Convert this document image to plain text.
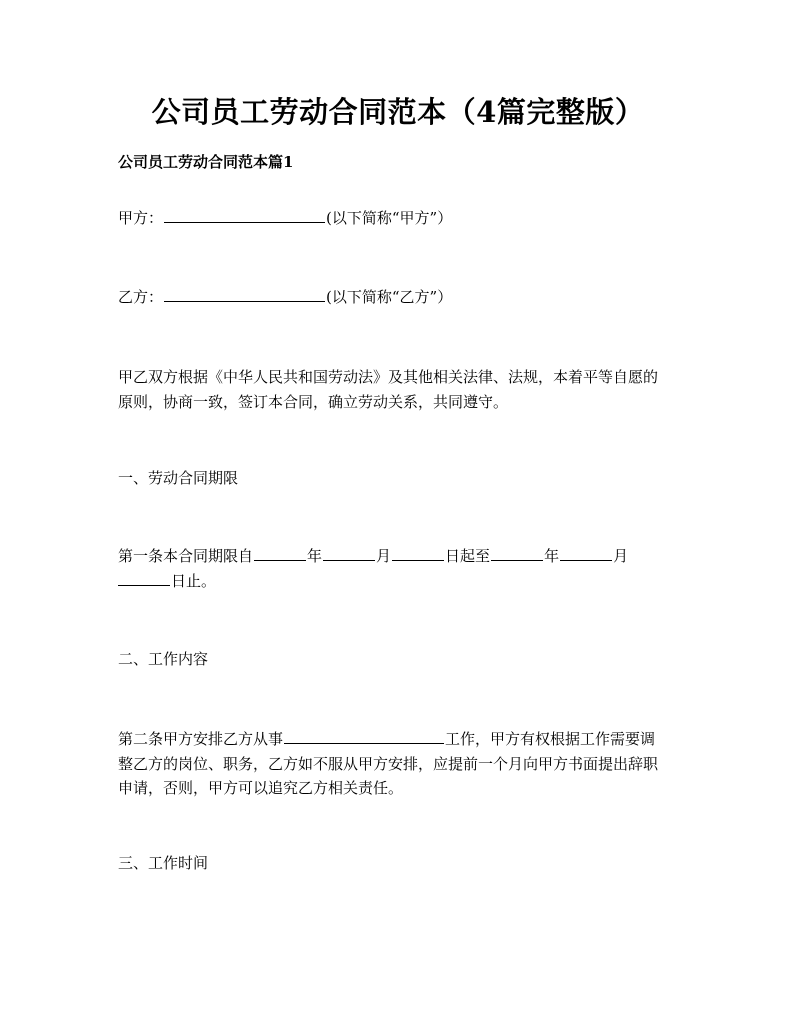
公司员工劳动合同范本（4篇完整版）
公司员工劳动合同范本篇1
甲方：	(以下简称“甲方”）
乙方：	(以下简称“乙方”）
甲乙双方根据《中华人民共和国劳动法》及其他相关法律、法规，本着平等自愿的
原则，协商一致，签订本合同，确立劳动关系，共同遵守。
一、劳动合同期限
第一条本合同期限自	年	月	日起至	年	月
日止。
二、工作内容
第二条甲方安排乙方从事	工作，甲方有权根据工作需要调
整乙方的岗位、职务，乙方如不服从甲方安排，应提前一个月向甲方书面提出辞职
申请，否则，甲方可以追究乙方相关责任。
三、工作时间
